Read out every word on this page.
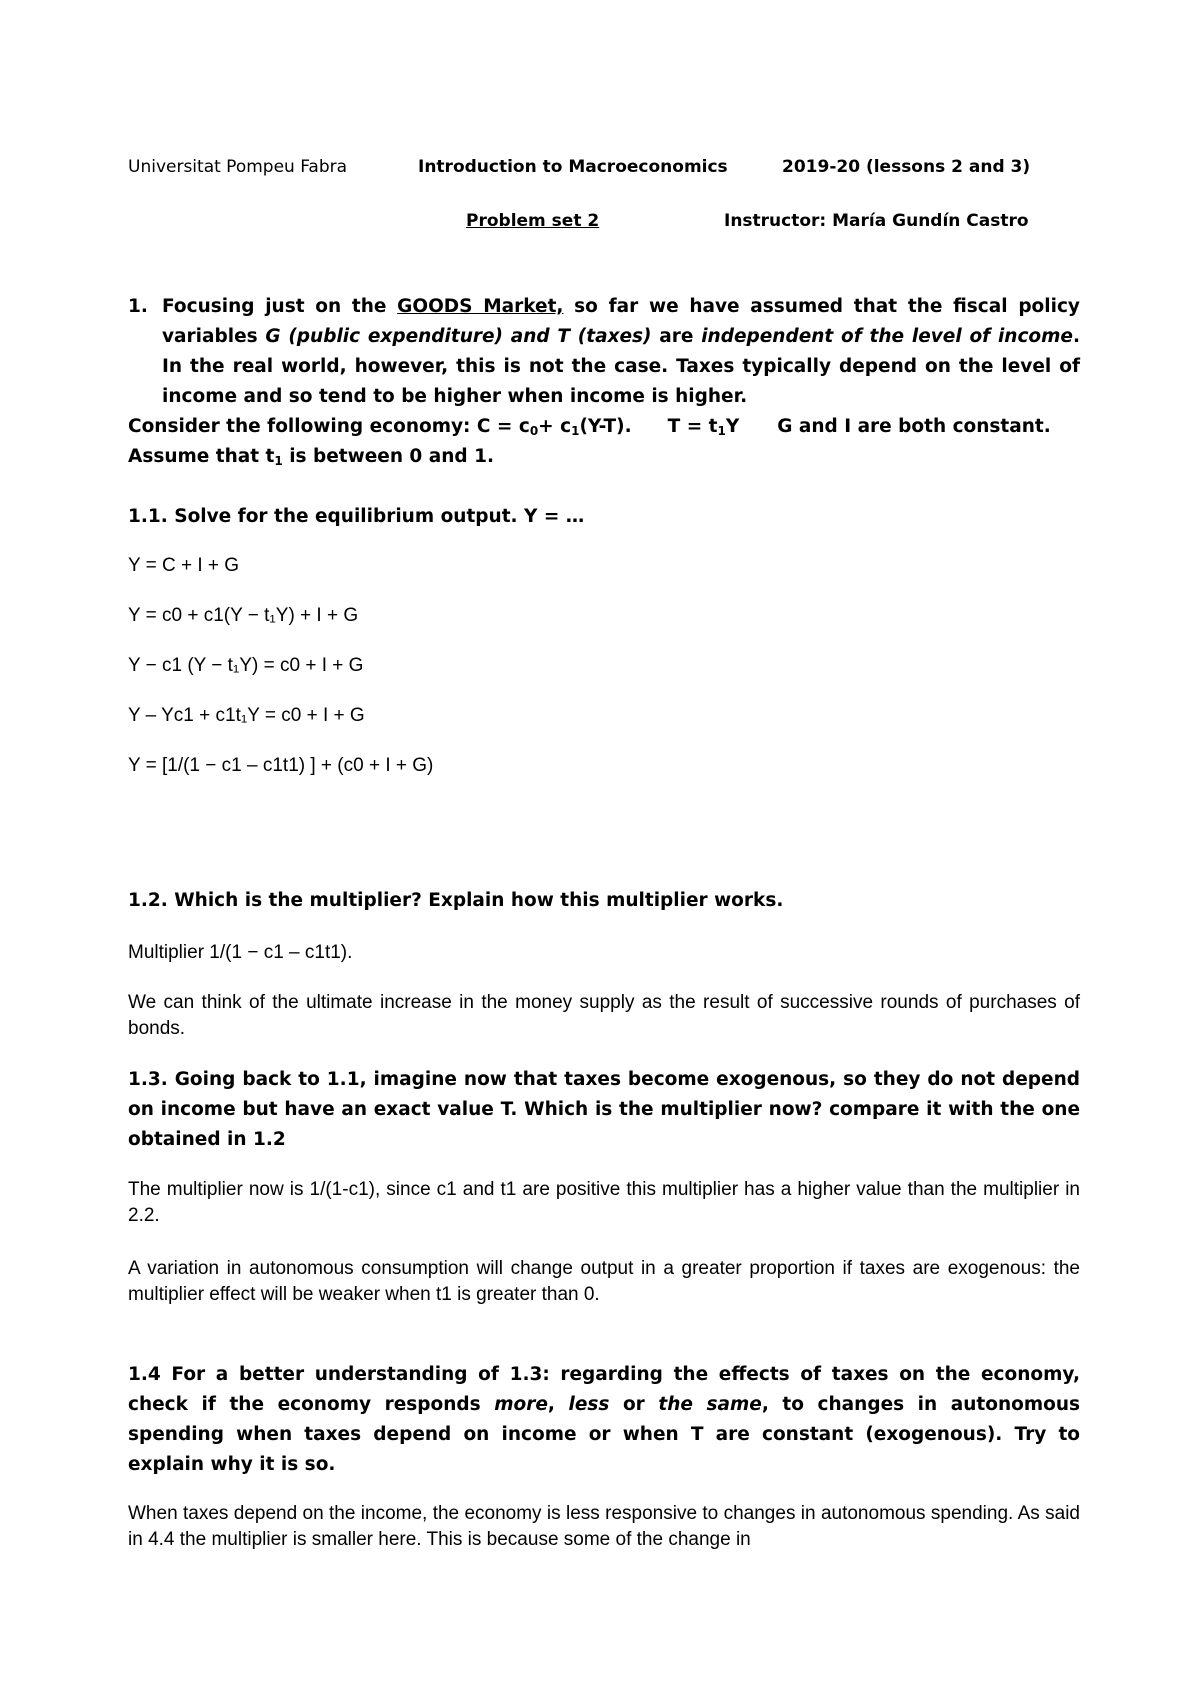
Universitat Pompeu Fabra	Introduction to Macroeconomics	2019-20 (lessons 2 and 3)
Problem set 2	Instructor: María Gundín Castro
1. Focusing just on the GOODS Market, so far we have assumed that the fiscal policy variables G (public expenditure) and T (taxes) are independent of the level of income. In the real world, however, this is not the case. Taxes typically depend on the level of income and so tend to be higher when income is higher.
Consider the following economy: $C = c_0+ c_1(Y-T)$. $T = t_1Y$ G and I are both constant.
Assume that $t_1$ is between 0 and 1.
1.1. Solve for the equilibrium output. Y = …
Y = C + I + G
Y = c0 + c1(Y − t₁Y) + I + G
Y − c1 (Y − t₁Y) = c0 + I + G
Y – Yc1 + c1t₁Y = c0 + I + G
Y = [1/(1 − c1 – c1t1) ] + (c0 + I + G)
1.2. Which is the multiplier? Explain how this multiplier works.
Multiplier 1/(1 − c1 – c1t1).
We can think of the ultimate increase in the money supply as the result of successive rounds of purchases of bonds.
1.3. Going back to 1.1, imagine now that taxes become exogenous, so they do not depend on income but have an exact value T. Which is the multiplier now? compare it with the one obtained in 1.2
The multiplier now is 1/(1-c1), since c1 and t1 are positive this multiplier has a higher value than the multiplier in 2.2.
A variation in autonomous consumption will change output in a greater proportion if taxes are exogenous: the multiplier effect will be weaker when t1 is greater than 0.
1.4 For a better understanding of 1.3: regarding the effects of taxes on the economy, check if the economy responds more, less or the same, to changes in autonomous spending when taxes depend on income or when T are constant (exogenous). Try to explain why it is so.
When taxes depend on the income, the economy is less responsive to changes in autonomous spending. As said in 4.4 the multiplier is smaller here. This is because some of the change in
